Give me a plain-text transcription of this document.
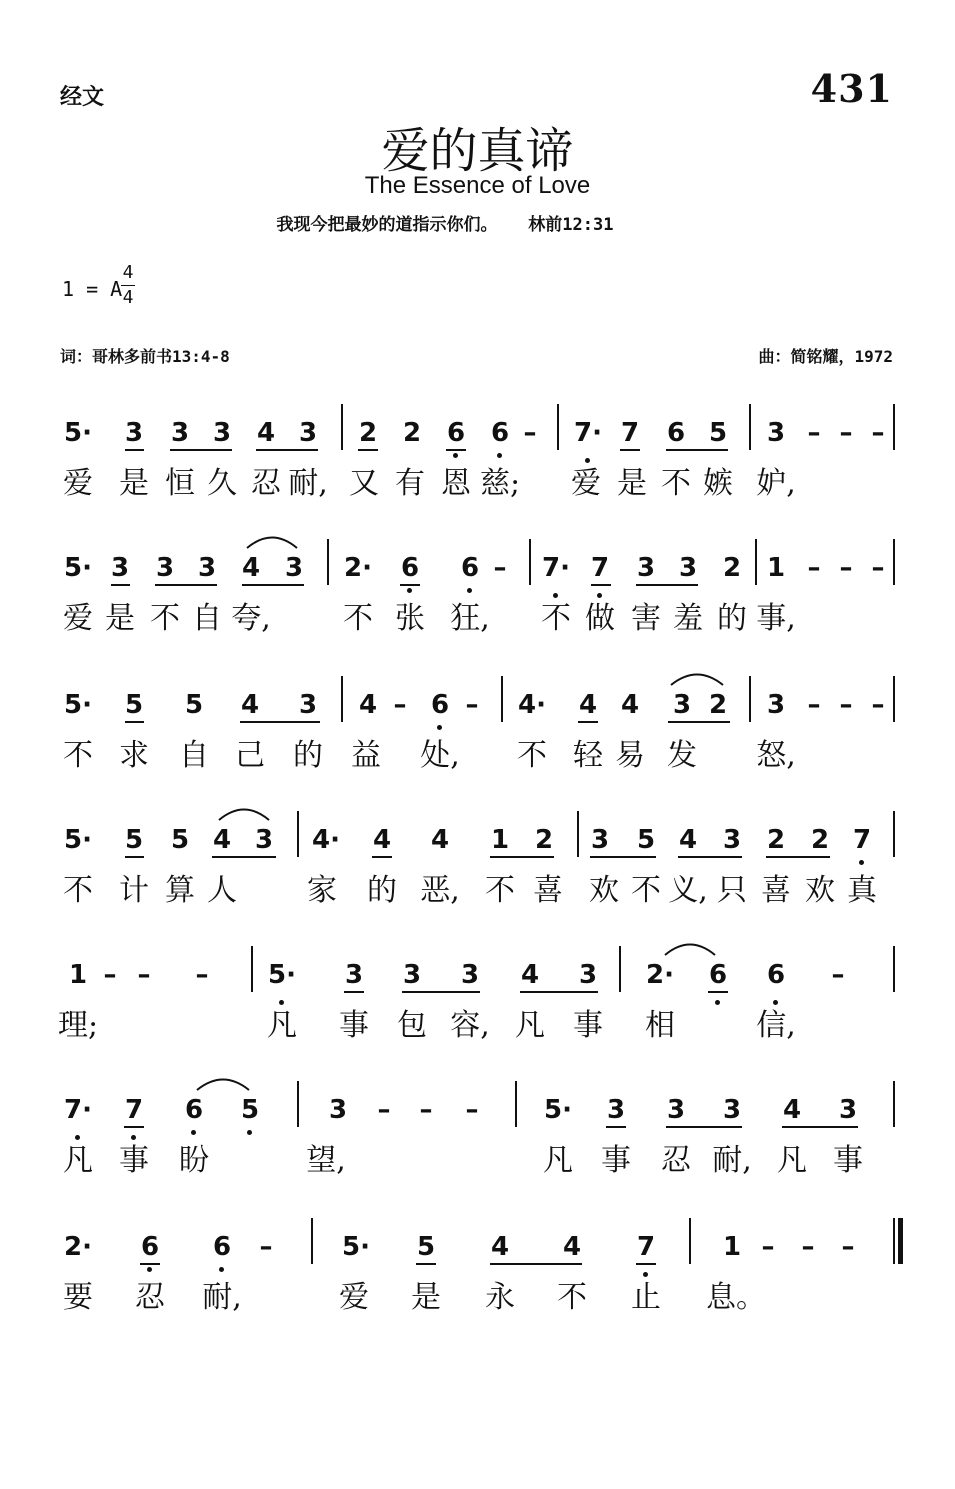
经文	431
爱的真谛
The Essence of Love
我现今把最妙的道指示你们。   林前12:31
1 = A
4
4
词：哥林多前书13:4-8	曲：简铭耀，1972
5· 3 3 3 4 3 2 2 6 6 – 7· 7 6 5 3 – – –
爱 是 恒 久 忍 耐, 又 有 恩 慈; 爱 是 不 嫉 妒,
5· 3 3 3 4 3 2· 6 6 – 7· 7 3 3 2 1 – – –
爱 是 不 自 夸, 不 张 狂, 不 做 害 羞 的 事,
5· 5 5 4 3 4 – 6 – 4· 4 4 3 2 3 – – –
不 求 自 己 的 益 处, 不 轻 易 发 怒,
5· 5 5 4 3 4· 4 4 1 2 3 5 4 3 2 2 7
不 计 算 人 家 的 恶, 不 喜 欢 不 义, 只 喜 欢 真
1 – – – 5· 3 3 3 4 3 2· 6 6 –
理;	凡 事 包 容, 凡 事 相	信,
7· 7 6 5	3 – – –	5· 3 3 3 4 3
凡 事 盼	望,	凡 事 忍 耐, 凡 事
2· 6 6 –	5· 5 4 4 7	1 – – –
要 忍 耐,	爱 是 永 不 止 息。
